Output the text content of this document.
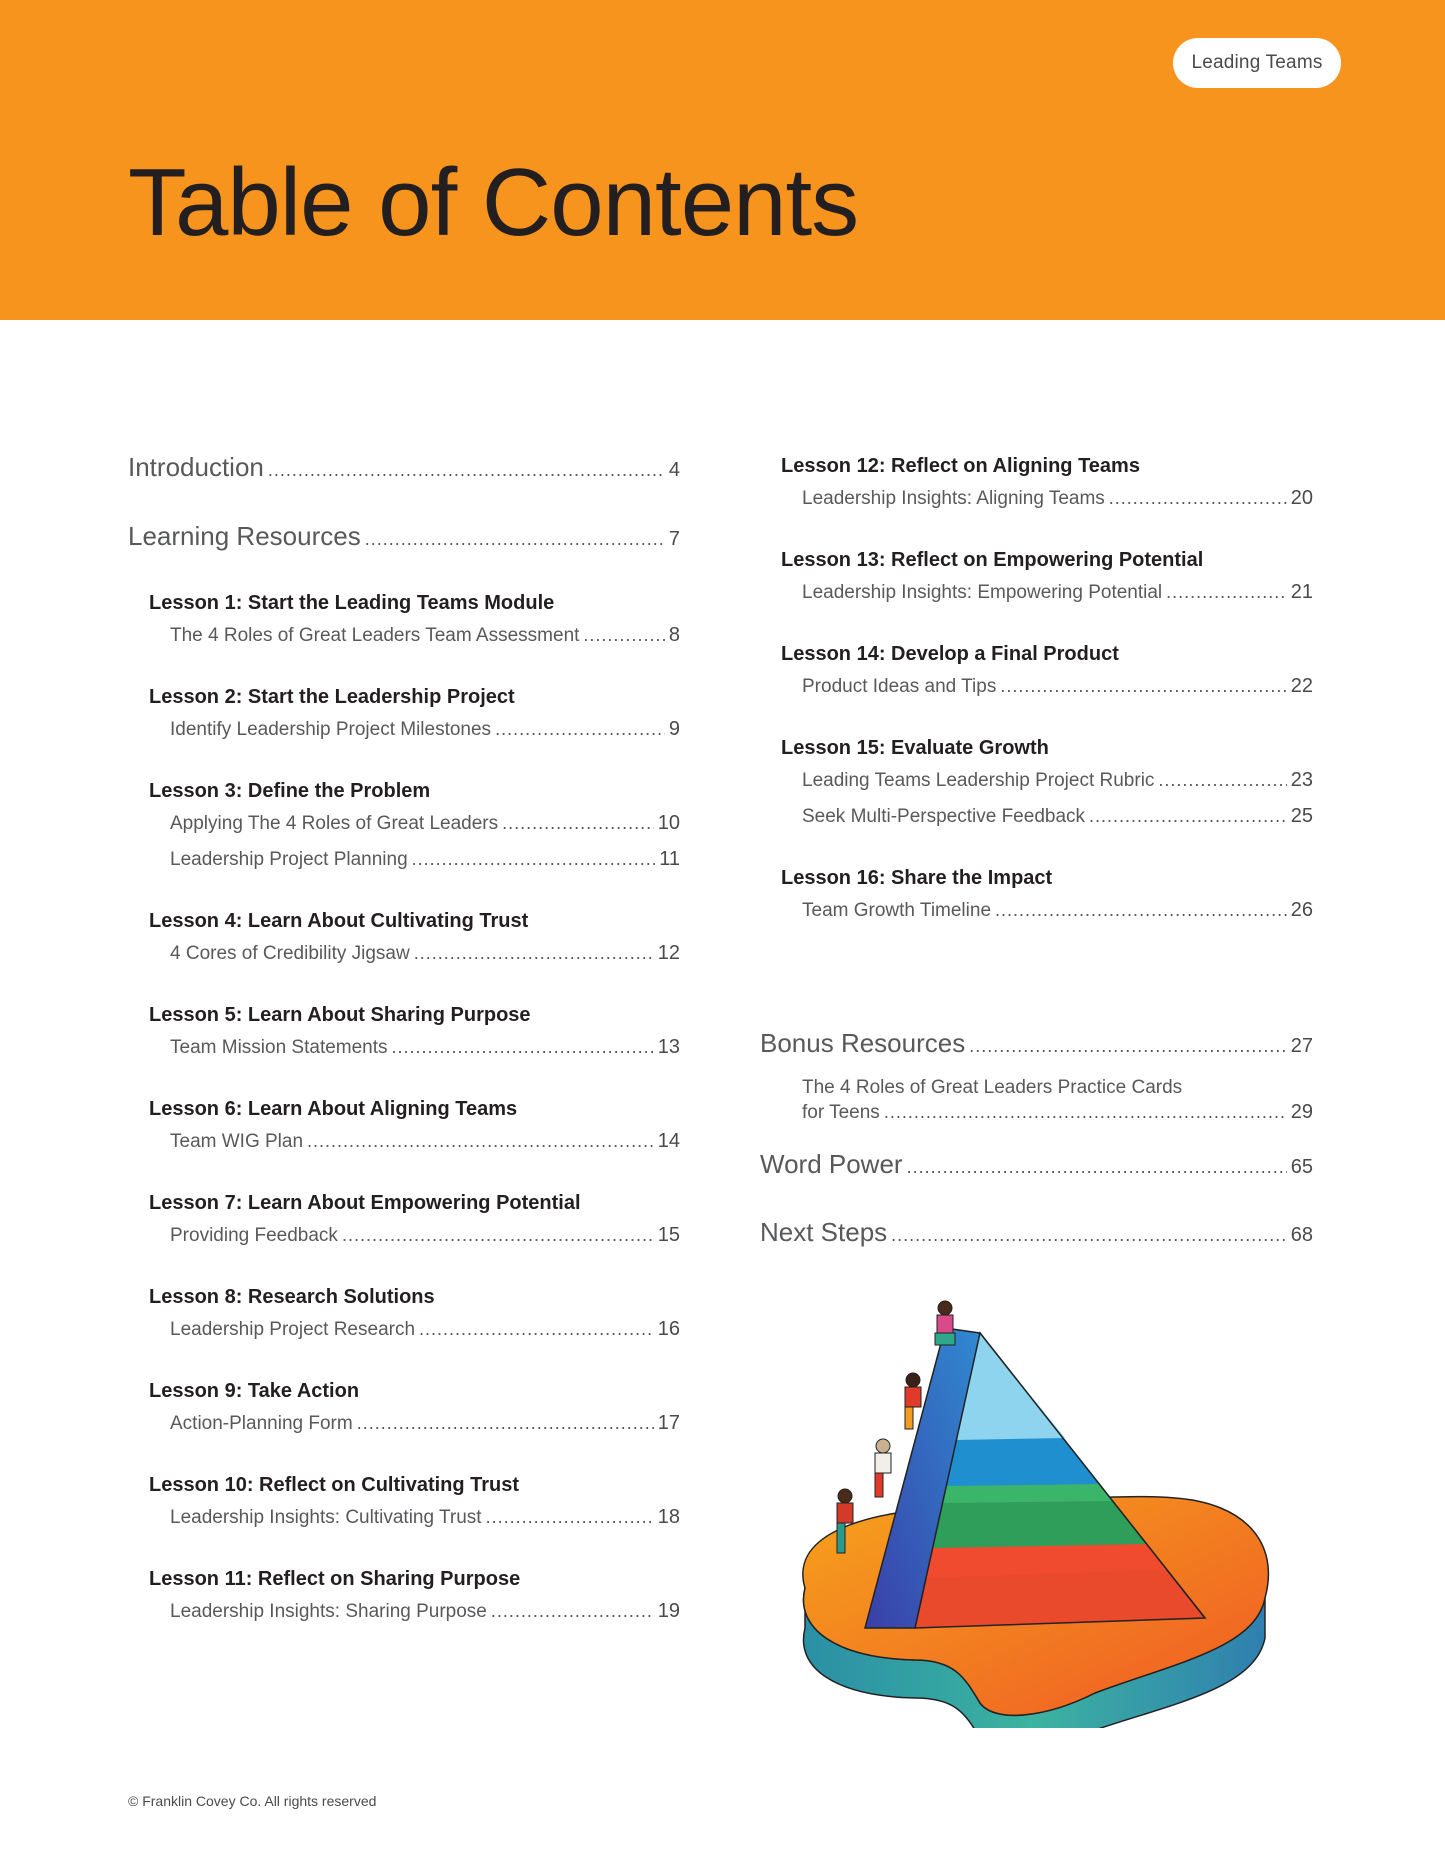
Leading Teams
Table of Contents
Introduction . . .	4
Learning Resources . . .	7
Lesson 1: Start the Leading Teams Module
The 4 Roles of Great Leaders Team Assessment . . .	8
Lesson 2: Start the Leadership Project
Identify Leadership Project Milestones . . .	9
Lesson 3: Define the Problem
Applying The 4 Roles of Great Leaders . . .	10
Leadership Project Planning . . .	11
Lesson 4: Learn About Cultivating Trust
4 Cores of Credibility Jigsaw . . .	12
Lesson 5: Learn About Sharing Purpose
Team Mission Statements . . .	13
Lesson 6: Learn About Aligning Teams
Team WIG Plan . . .	14
Lesson 7: Learn About Empowering Potential
Providing Feedback . . .	15
Lesson 8: Research Solutions
Leadership Project Research . . .	16
Lesson 9: Take Action
Action-Planning Form . . .	17
Lesson 10: Reflect on Cultivating Trust
Leadership Insights: Cultivating Trust . . .	18
Lesson 11: Reflect on Sharing Purpose
Leadership Insights: Sharing Purpose . . .	19
Lesson 12: Reflect on Aligning Teams
Leadership Insights: Aligning Teams . . .	20
Lesson 13: Reflect on Empowering Potential
Leadership Insights: Empowering Potential . . .	21
Lesson 14: Develop a Final Product
Product Ideas and Tips . . .	22
Lesson 15: Evaluate Growth
Leading Teams Leadership Project Rubric . . .	23
Seek Multi-Perspective Feedback . . .	25
Lesson 16: Share the Impact
Team Growth Timeline . . .	26
Bonus Resources . . .	27
The 4 Roles of Great Leaders Practice Cards
for Teens . . .	29
Word Power . . .	65
Next Steps . . .	68
© Franklin Covey Co. All rights reserved
